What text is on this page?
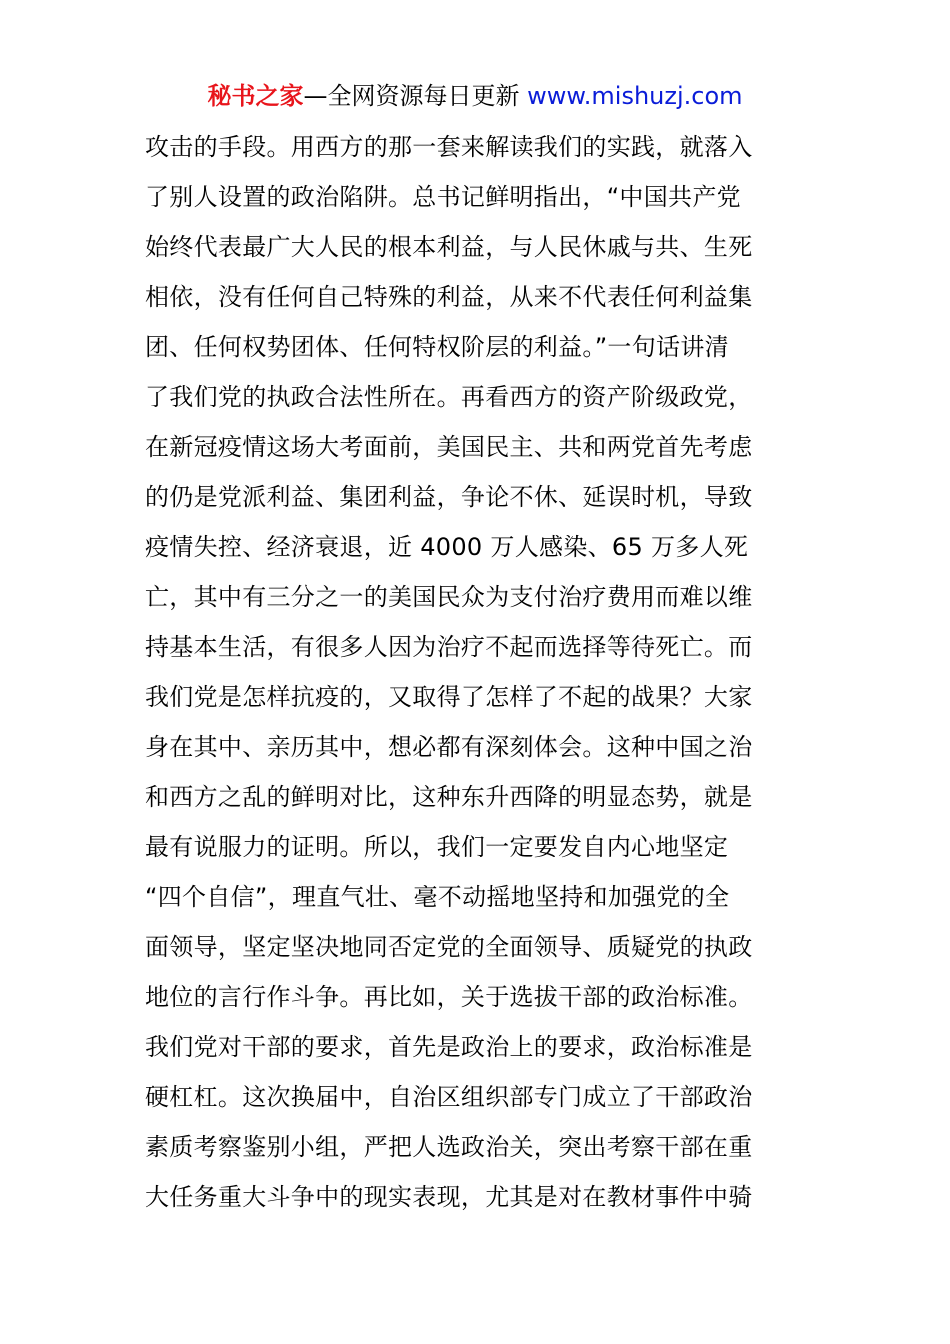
秘书之家—全网资源每日更新 www.mishuzj.com
攻击的手段。用西方的那一套来解读我们的实践，就落入
了别人设置的政治陷阱。总书记鲜明指出，“中国共产党
始终代表最广大人民的根本利益，与人民休戚与共、生死
相依，没有任何自己特殊的利益，从来不代表任何利益集
团、任何权势团体、任何特权阶层的利益。”一句话讲清
了我们党的执政合法性所在。再看西方的资产阶级政党，
在新冠疫情这场大考面前，美国民主、共和两党首先考虑
的仍是党派利益、集团利益，争论不休、延误时机，导致
疫情失控、经济衰退，近 4000 万人感染、65 万多人死
亡，其中有三分之一的美国民众为支付治疗费用而难以维
持基本生活，有很多人因为治疗不起而选择等待死亡。而
我们党是怎样抗疫的，又取得了怎样了不起的战果？大家
身在其中、亲历其中，想必都有深刻体会。这种中国之治
和西方之乱的鲜明对比，这种东升西降的明显态势，就是
最有说服力的证明。所以，我们一定要发自内心地坚定
“四个自信”，理直气壮、毫不动摇地坚持和加强党的全
面领导，坚定坚决地同否定党的全面领导、质疑党的执政
地位的言行作斗争。再比如，关于选拔干部的政治标准。
我们党对干部的要求，首先是政治上的要求，政治标准是
硬杠杠。这次换届中，自治区组织部专门成立了干部政治
素质考察鉴别小组，严把人选政治关，突出考察干部在重
大任务重大斗争中的现实表现，尤其是对在教材事件中骑
